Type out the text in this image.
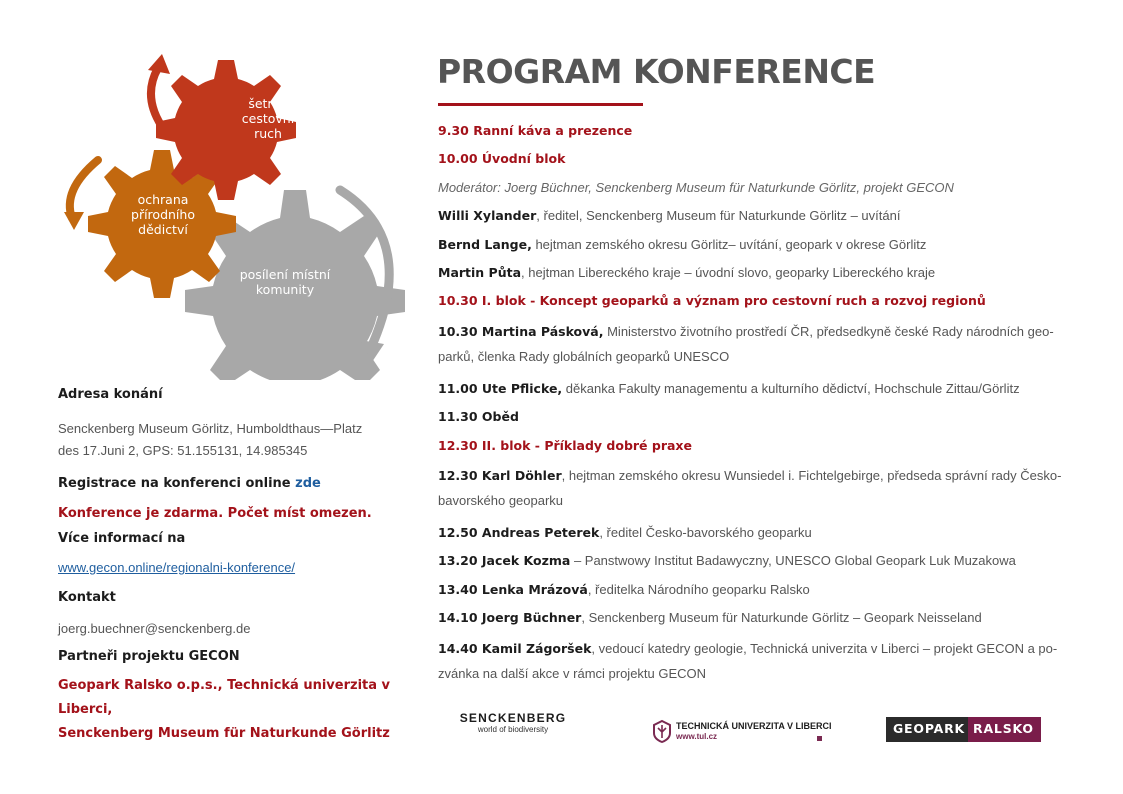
šetrný
cestovní
ruch
ochrana
přírodního
dědictví
posílení místní
komunity
Adresa konání
Senckenberg Museum Görlitz, Humboldthaus—Platz
des 17.Juni 2, GPS: 51.155131, 14.985345
Registrace na konferenci online zde
Konference je zdarma. Počet míst omezen.
Více informací na
www.gecon.online/regionalni-konference/
Kontakt
joerg.buechner@senckenberg.de
Partneři projektu GECON
Geopark Ralsko o.p.s., Technická univerzita v Liberci,
Senckenberg Museum für Naturkunde Görlitz
PROGRAM KONFERENCE
9.30 Ranní káva a prezence
10.00 Úvodní blok
Moderátor: Joerg Büchner, Senckenberg Museum für Naturkunde Görlitz, projekt GECON
Willi Xylander, ředitel, Senckenberg Museum für Naturkunde Görlitz – uvítání
Bernd Lange, hejtman zemského okresu Görlitz– uvítání, geopark v okrese Görlitz
Martin Půta, hejtman Libereckého kraje – úvodní slovo, geoparky Libereckého kraje
10.30 I. blok - Koncept geoparků a význam pro cestovní ruch a rozvoj regionů
10.30 Martina Pásková, Ministerstvo životního prostředí ČR, předsedkyně české Rady národních geo-
parků, členka Rady globálních geoparků UNESCO
11.00 Ute Pflicke, děkanka Fakulty managementu a kulturního dědictví, Hochschule Zittau/Görlitz
11.30 Oběd
12.30 II. blok - Příklady dobré praxe
12.30 Karl Döhler, hejtman zemského okresu Wunsiedel i. Fichtelgebirge, předseda správní rady Česko-
bavorského geoparku
12.50 Andreas Peterek, ředitel Česko-bavorského geoparku
13.20 Jacek Kozma – Panstwowy Institut Badawyczny, UNESCO Global Geopark Luk Muzakowa
13.40 Lenka Mrázová, ředitelka Národního geoparku Ralsko
14.10 Joerg Büchner, Senckenberg Museum für Naturkunde Görlitz – Geopark Neisseland
14.40 Kamil Zágoršek, vedoucí katedry geologie, Technická univerzita v Liberci – projekt GECON a po-
zvánka na další akce v rámci projektu GECON
SENCKENBERG
world of biodiversity	TECHNICKÁ UNIVERZITA V LIBERCI
www.tul.cz
GEOPARK RALSKO
